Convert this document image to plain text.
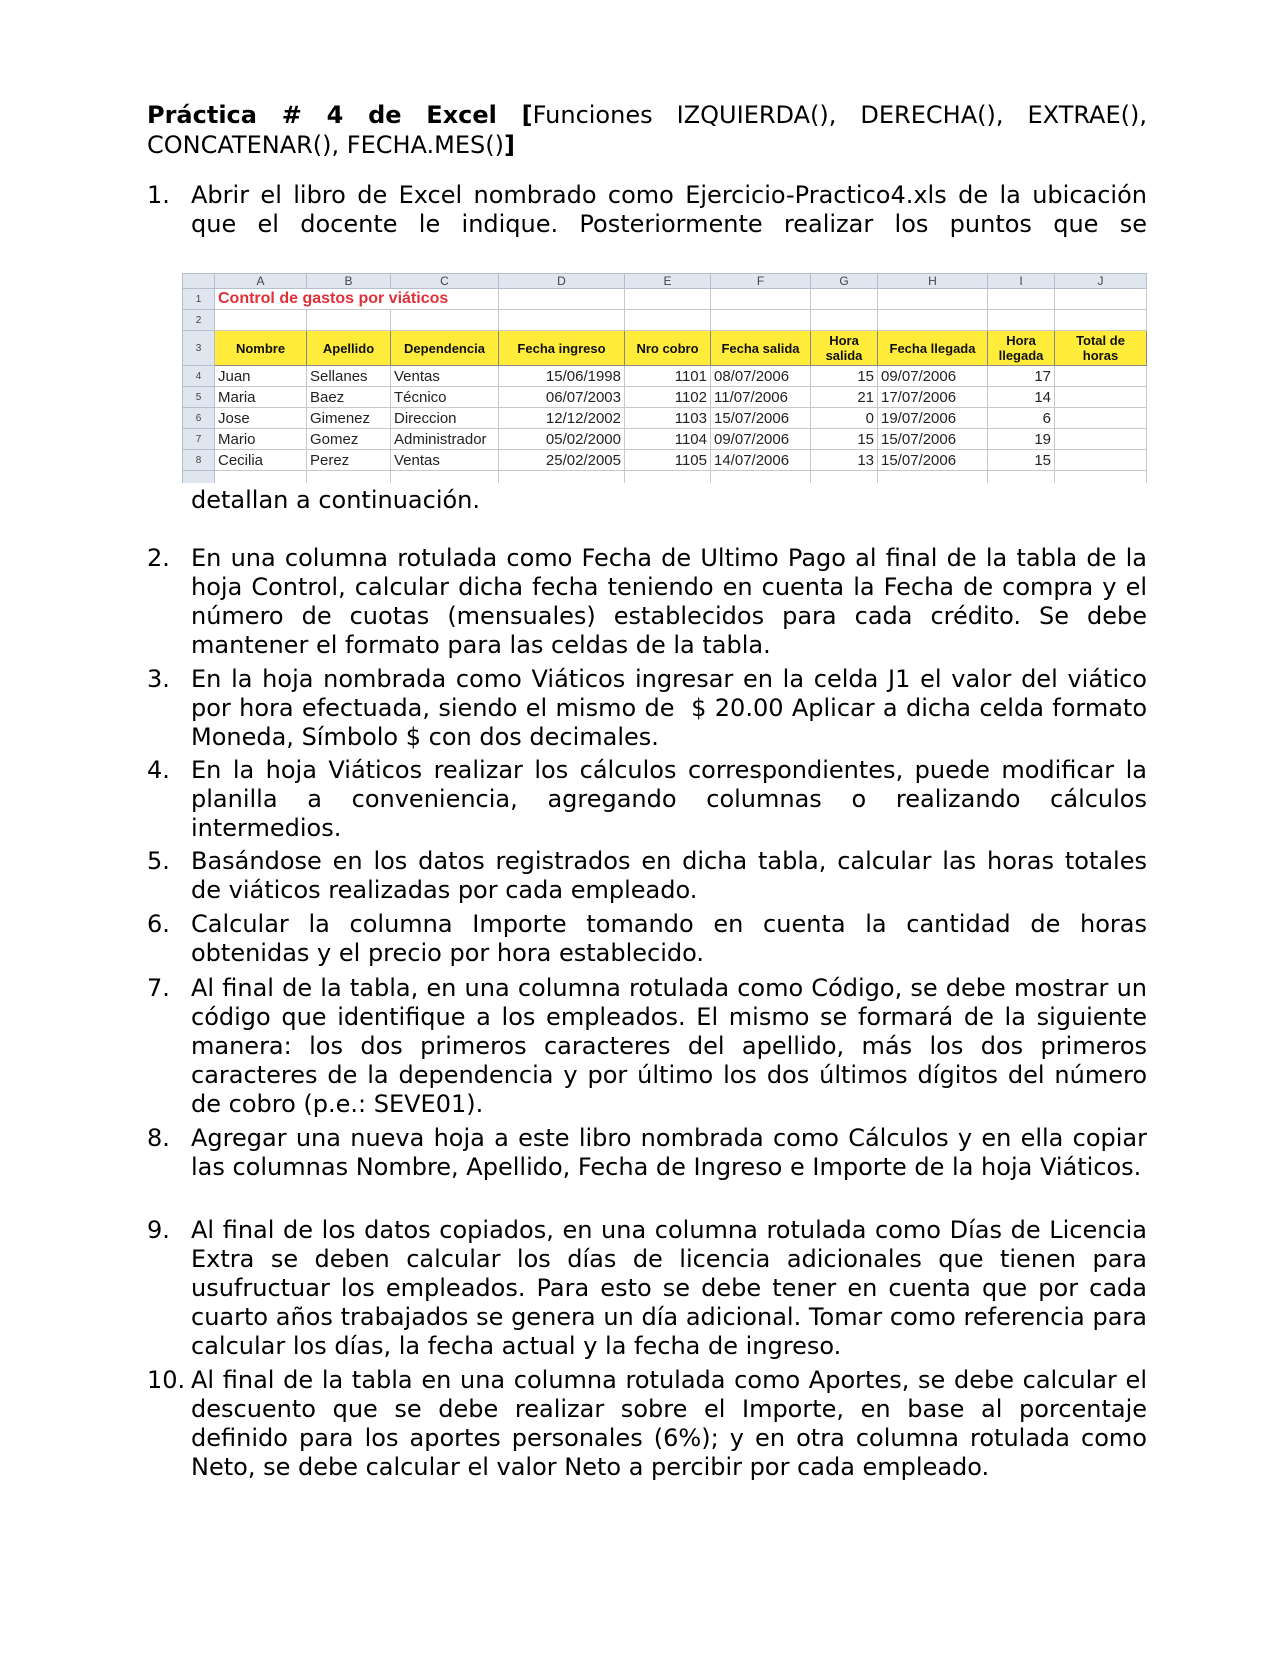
Práctica # 4 de Excel [Funciones IZQUIERDA(), DERECHA(), EXTRAE(), CONCATENAR(), FECHA.MES()]
1. Abrir el libro de Excel nombrado como Ejercicio-Practico4.xls de la ubicación que el docente le indique. Posteriormente realizar los puntos que se
	A	B	C	D	E	F	G	H	I	J
1	Control de gastos por viáticos									
2										
3	Nombre	Apellido	Dependencia	Fecha ingreso	Nro cobro	Fecha salida	Hora salida	Fecha llegada	Hora llegada	Total de horas
4	Juan	Sellanes	Ventas	15/06/1998	1101	08/07/2006	15	09/07/2006	17	
5	Maria	Baez	Técnico	06/07/2003	1102	11/07/2006	21	17/07/2006	14	
6	Jose	Gimenez	Direccion	12/12/2002	1103	15/07/2006	0	19/07/2006	6	
7	Mario	Gomez	Administrador	05/02/2000	1104	09/07/2006	15	15/07/2006	19	
8	Cecilia	Perez	Ventas	25/02/2005	1105	14/07/2006	13	15/07/2006	15	

detallan a continuación.
2. En una columna rotulada como Fecha de Ultimo Pago al final de la tabla de la hoja Control, calcular dicha fecha teniendo en cuenta la Fecha de compra y el número de cuotas (mensuales) establecidos para cada crédito. Se debe mantener el formato para las celdas de la tabla.
3. En la hoja nombrada como Viáticos ingresar en la celda J1 el valor del viático por hora efectuada, siendo el mismo de  $ 20.00 Aplicar a dicha celda formato Moneda, Símbolo $ con dos decimales.
4. En la hoja Viáticos realizar los cálculos correspondientes, puede modificar la planilla a conveniencia, agregando columnas o realizando cálculos intermedios.
5. Basándose en los datos registrados en dicha tabla, calcular las horas totales de viáticos realizadas por cada empleado.
6. Calcular la columna Importe tomando en cuenta la cantidad de horas obtenidas y el precio por hora establecido.
7. Al final de la tabla, en una columna rotulada como Código, se debe mostrar un código que identifique a los empleados. El mismo se formará de la siguiente manera: los dos primeros caracteres del apellido, más los dos primeros caracteres de la dependencia y por último los dos últimos dígitos del número de cobro (p.e.: SEVE01).
8. Agregar una nueva hoja a este libro nombrada como Cálculos y en ella copiar las columnas Nombre, Apellido, Fecha de Ingreso e Importe de la hoja Viáticos.
9. Al final de los datos copiados, en una columna rotulada como Días de Licencia Extra se deben calcular los días de licencia adicionales que tienen para usufructuar los empleados. Para esto se debe tener en cuenta que por cada cuarto años trabajados se genera un día adicional. Tomar como referencia para calcular los días, la fecha actual y la fecha de ingreso.
10. Al final de la tabla en una columna rotulada como Aportes, se debe calcular el descuento que se debe realizar sobre el Importe, en base al porcentaje definido para los aportes personales (6%); y en otra columna rotulada como Neto, se debe calcular el valor Neto a percibir por cada empleado.
